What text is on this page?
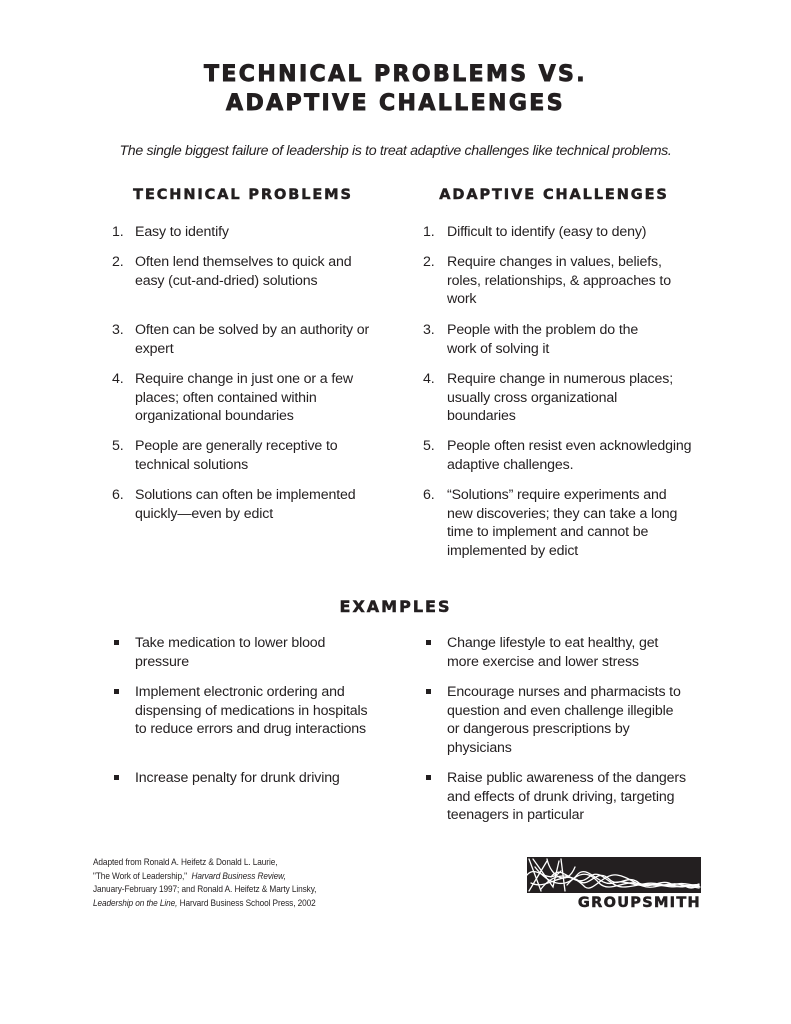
TECHNICAL PROBLEMS VS.
ADAPTIVE CHALLENGES
The single biggest failure of leadership is to treat adaptive challenges like technical problems.
TECHNICAL PROBLEMS	ADAPTIVE CHALLENGES
1. Easy to identify
2. Often lend themselves to quick and easy (cut-and-dried) solutions
3. Often can be solved by an authority or expert
4. Require change in just one or a few places; often contained within organizational boundaries
5. People are generally receptive to technical solutions
6. Solutions can often be implemented quickly—even by edict
1. Difficult to identify (easy to deny)
2. Require changes in values, beliefs, roles, relationships, & approaches to work
3. People with the problem do the work of solving it
4. Require change in numerous places; usually cross organizational boundaries
5. People often resist even acknowledging adaptive challenges.
6. “Solutions” require experiments and new discoveries; they can take a long time to implement and cannot be implemented by edict
EXAMPLES
Take medication to lower blood pressure
Implement electronic ordering and dispensing of medications in hospitals to reduce errors and drug interactions
Increase penalty for drunk driving
Change lifestyle to eat healthy, get more exercise and lower stress
Encourage nurses and pharmacists to question and even challenge illegible or dangerous prescriptions by physicians
Raise public awareness of the dangers and effects of drunk driving, targeting teenagers in particular
Adapted from Ronald A. Heifetz & Donald L. Laurie,
"The Work of Leadership," Harvard Business Review,
January-February 1997; and Ronald A. Heifetz & Marty Linsky,
Leadership on the Line, Harvard Business School Press, 2002	GROUPSMITH
